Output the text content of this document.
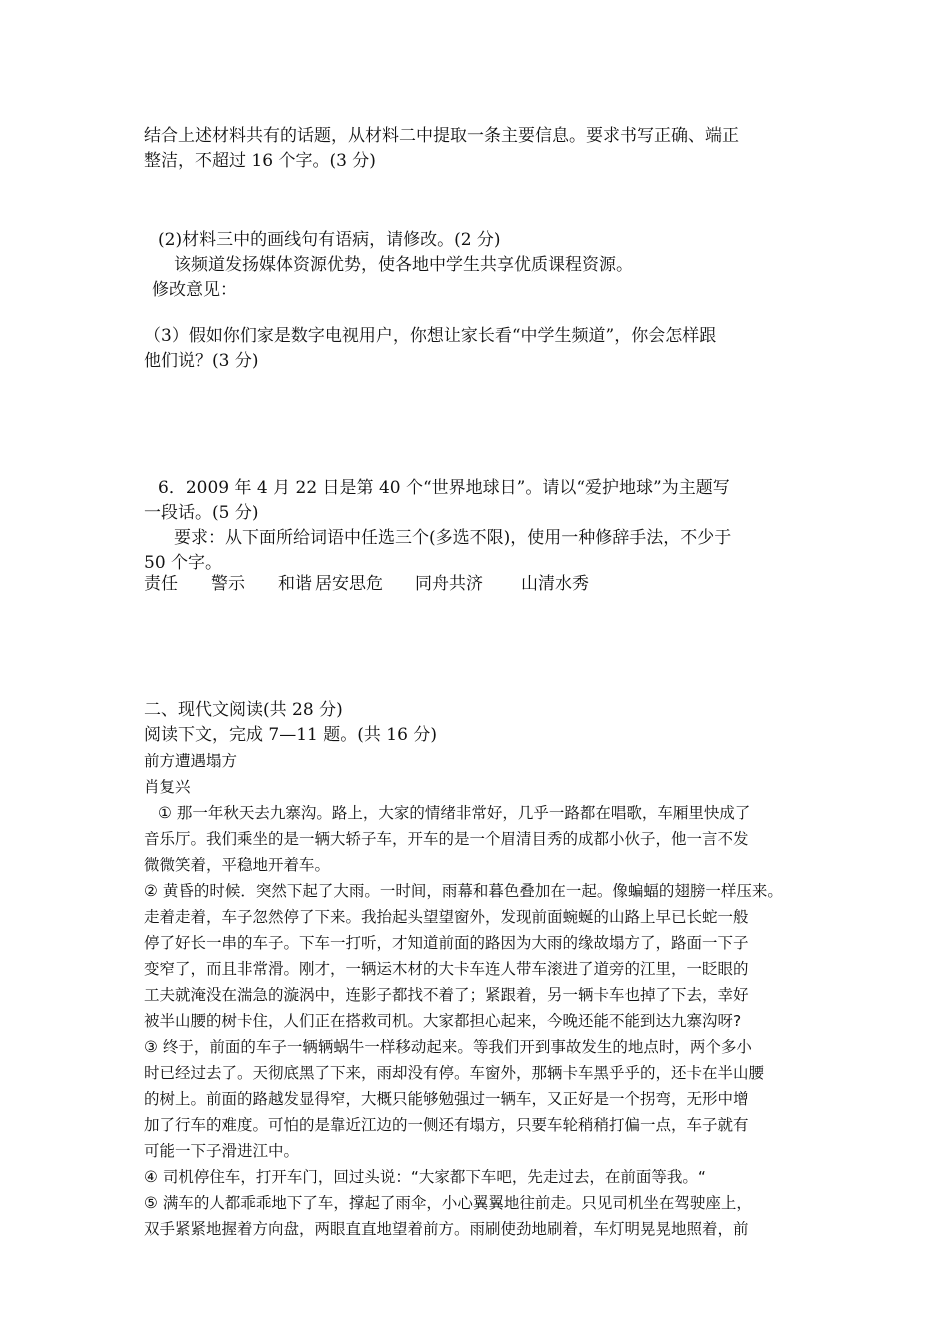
结合上述材料共有的话题，从材料二中提取一条主要信息。要求书写正确、端正

整洁，不超过 16 个字。(3 分)

(2)材料三中的画线句有语病，请修改。(2 分)

该频道发扬媒体资源优势，使各地中学生共享优质课程资源。

修改意见：

（3）假如你们家是数字电视用户，你想让家长看“中学生频道”，你会怎样跟

他们说？(3 分)

6．2009 年 4 月 22 日是第 40 个“世界地球日”。请以“爱护地球”为主题写

一段话。(5 分)

要求：从下面所给词语中任选三个(多选不限)，使用一种修辞手法，不少于

50 个字。

责任	警示	和谐 居安思危	同舟共济	山清水秀

二、现代文阅读(共 28 分)

阅读下文，完成 7—11 题。(共 16 分)

前方遭遇塌方

肖复兴

① 那一年秋天去九寨沟。路上，大家的情绪非常好，几乎一路都在唱歌，车厢里快成了

音乐厅。我们乘坐的是一辆大轿子车，开车的是一个眉清目秀的成都小伙子，他一言不发

微微笑着，平稳地开着车。

② 黄昏的时候．突然下起了大雨。一时间，雨幕和暮色叠加在一起。像蝙蝠的翅膀一样压来。

走着走着，车子忽然停了下来。我抬起头望望窗外，发现前面蜿蜒的山路上早已长蛇一般

停了好长一串的车子。下车一打听，才知道前面的路因为大雨的缘故塌方了，路面一下子

变窄了，而且非常滑。刚才，一辆运木材的大卡车连人带车滚进了道旁的江里，一眨眼的

工夫就淹没在湍急的漩涡中，连影子都找不着了；紧跟着，另一辆卡车也掉了下去，幸好

被半山腰的树卡住，人们正在搭救司机。大家都担心起来，今晚还能不能到达九寨沟呀?

③ 终于，前面的车子一辆辆蜗牛一样移动起来。等我们开到事故发生的地点时，两个多小

时已经过去了。天彻底黑了下来，雨却没有停。车窗外，那辆卡车黑乎乎的，还卡在半山腰

的树上。前面的路越发显得窄，大概只能够勉强过一辆车，又正好是一个拐弯，无形中增

加了行车的难度。可怕的是靠近江边的一侧还有塌方，只要车轮稍稍打偏一点，车子就有

可能一下子滑进江中。

④ 司机停住车，打开车门，回过头说：“大家都下车吧，先走过去，在前面等我。“

⑤ 满车的人都乖乖地下了车，撑起了雨伞，小心翼翼地往前走。只见司机坐在驾驶座上，

双手紧紧地握着方向盘，两眼直直地望着前方。雨刷使劲地刷着，车灯明晃晃地照着，前
